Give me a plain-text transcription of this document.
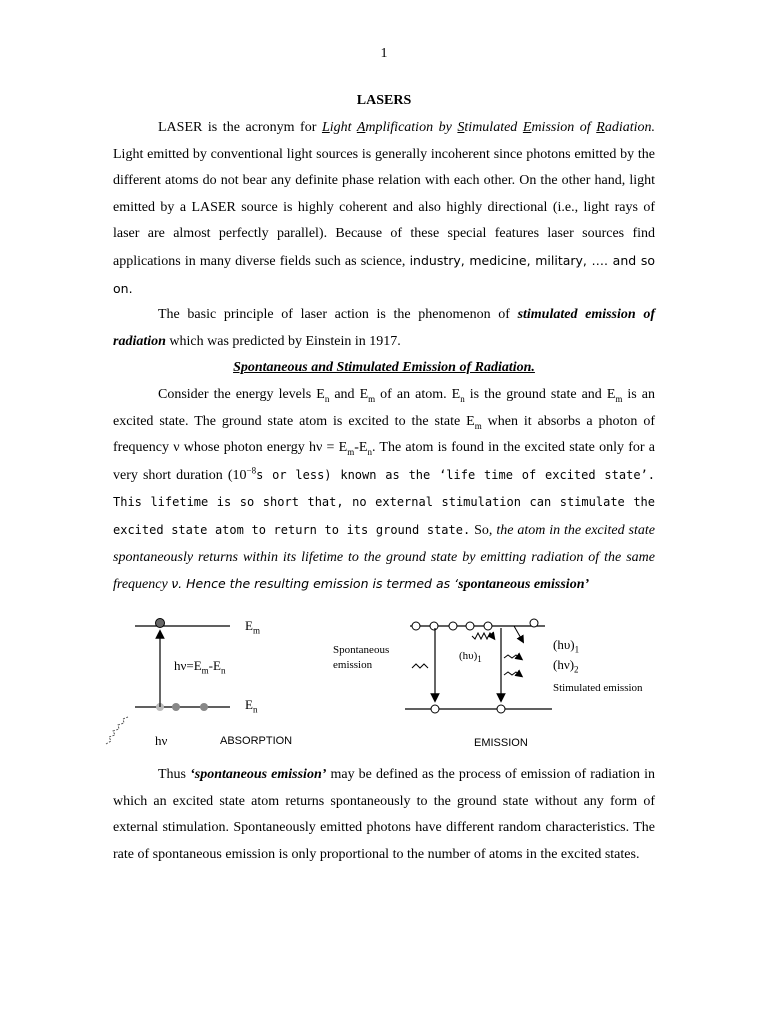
1
LASERS

LASER is the acronym for Light Amplification by Stimulated Emission of Radiation. Light emitted by conventional light sources is generally incoherent since photons emitted by the different atoms do not bear any definite phase relation with each other. On the other hand, light emitted by a LASER source is highly coherent and also highly directional (i.e., light rays of laser are almost perfectly parallel). Because of these special features laser sources find applications in many diverse fields such as science, industry, medicine, military, …. and so on.

The basic principle of laser action is the phenomenon of stimulated emission of radiation which was predicted by Einstein in 1917.

Spontaneous and Stimulated Emission of Radiation.

Consider the energy levels $E_n$ and $E_m$ of an atom. $E_n$ is the ground state and $E_m$ is an excited state. The ground state atom is excited to the state $E_m$ when it absorbs a photon of frequency ν whose photon energy $h\nu = E_m-E_n$. The atom is found in the excited state only for a very short duration ($10^{-8}s$ or less) known as the ‘life time of excited state’. This lifetime is so short that, no external stimulation can stimulate the excited state atom to return to its ground state. So, the atom in the excited state spontaneously returns within its lifetime to the ground state by emitting radiation of the same frequency ν. Hence the resulting emission is termed as ‘spontaneous emission’

$E_m$
$E_n$
$h\nu=E_m-E_n$
hν	ABSORPTION
Spontaneous
emission
$(h\upsilon)_1$
$(h\upsilon)_1$
$(h\nu)_2$
Stimulated emission
EMISSION

Thus ‘spontaneous emission’ may be defined as the process of emission of radiation in which an excited state atom returns spontaneously to the ground state without any form of external stimulation. Spontaneously emitted photons have different random characteristics. The rate of spontaneous emission is only proportional to the number of atoms in the excited states.
